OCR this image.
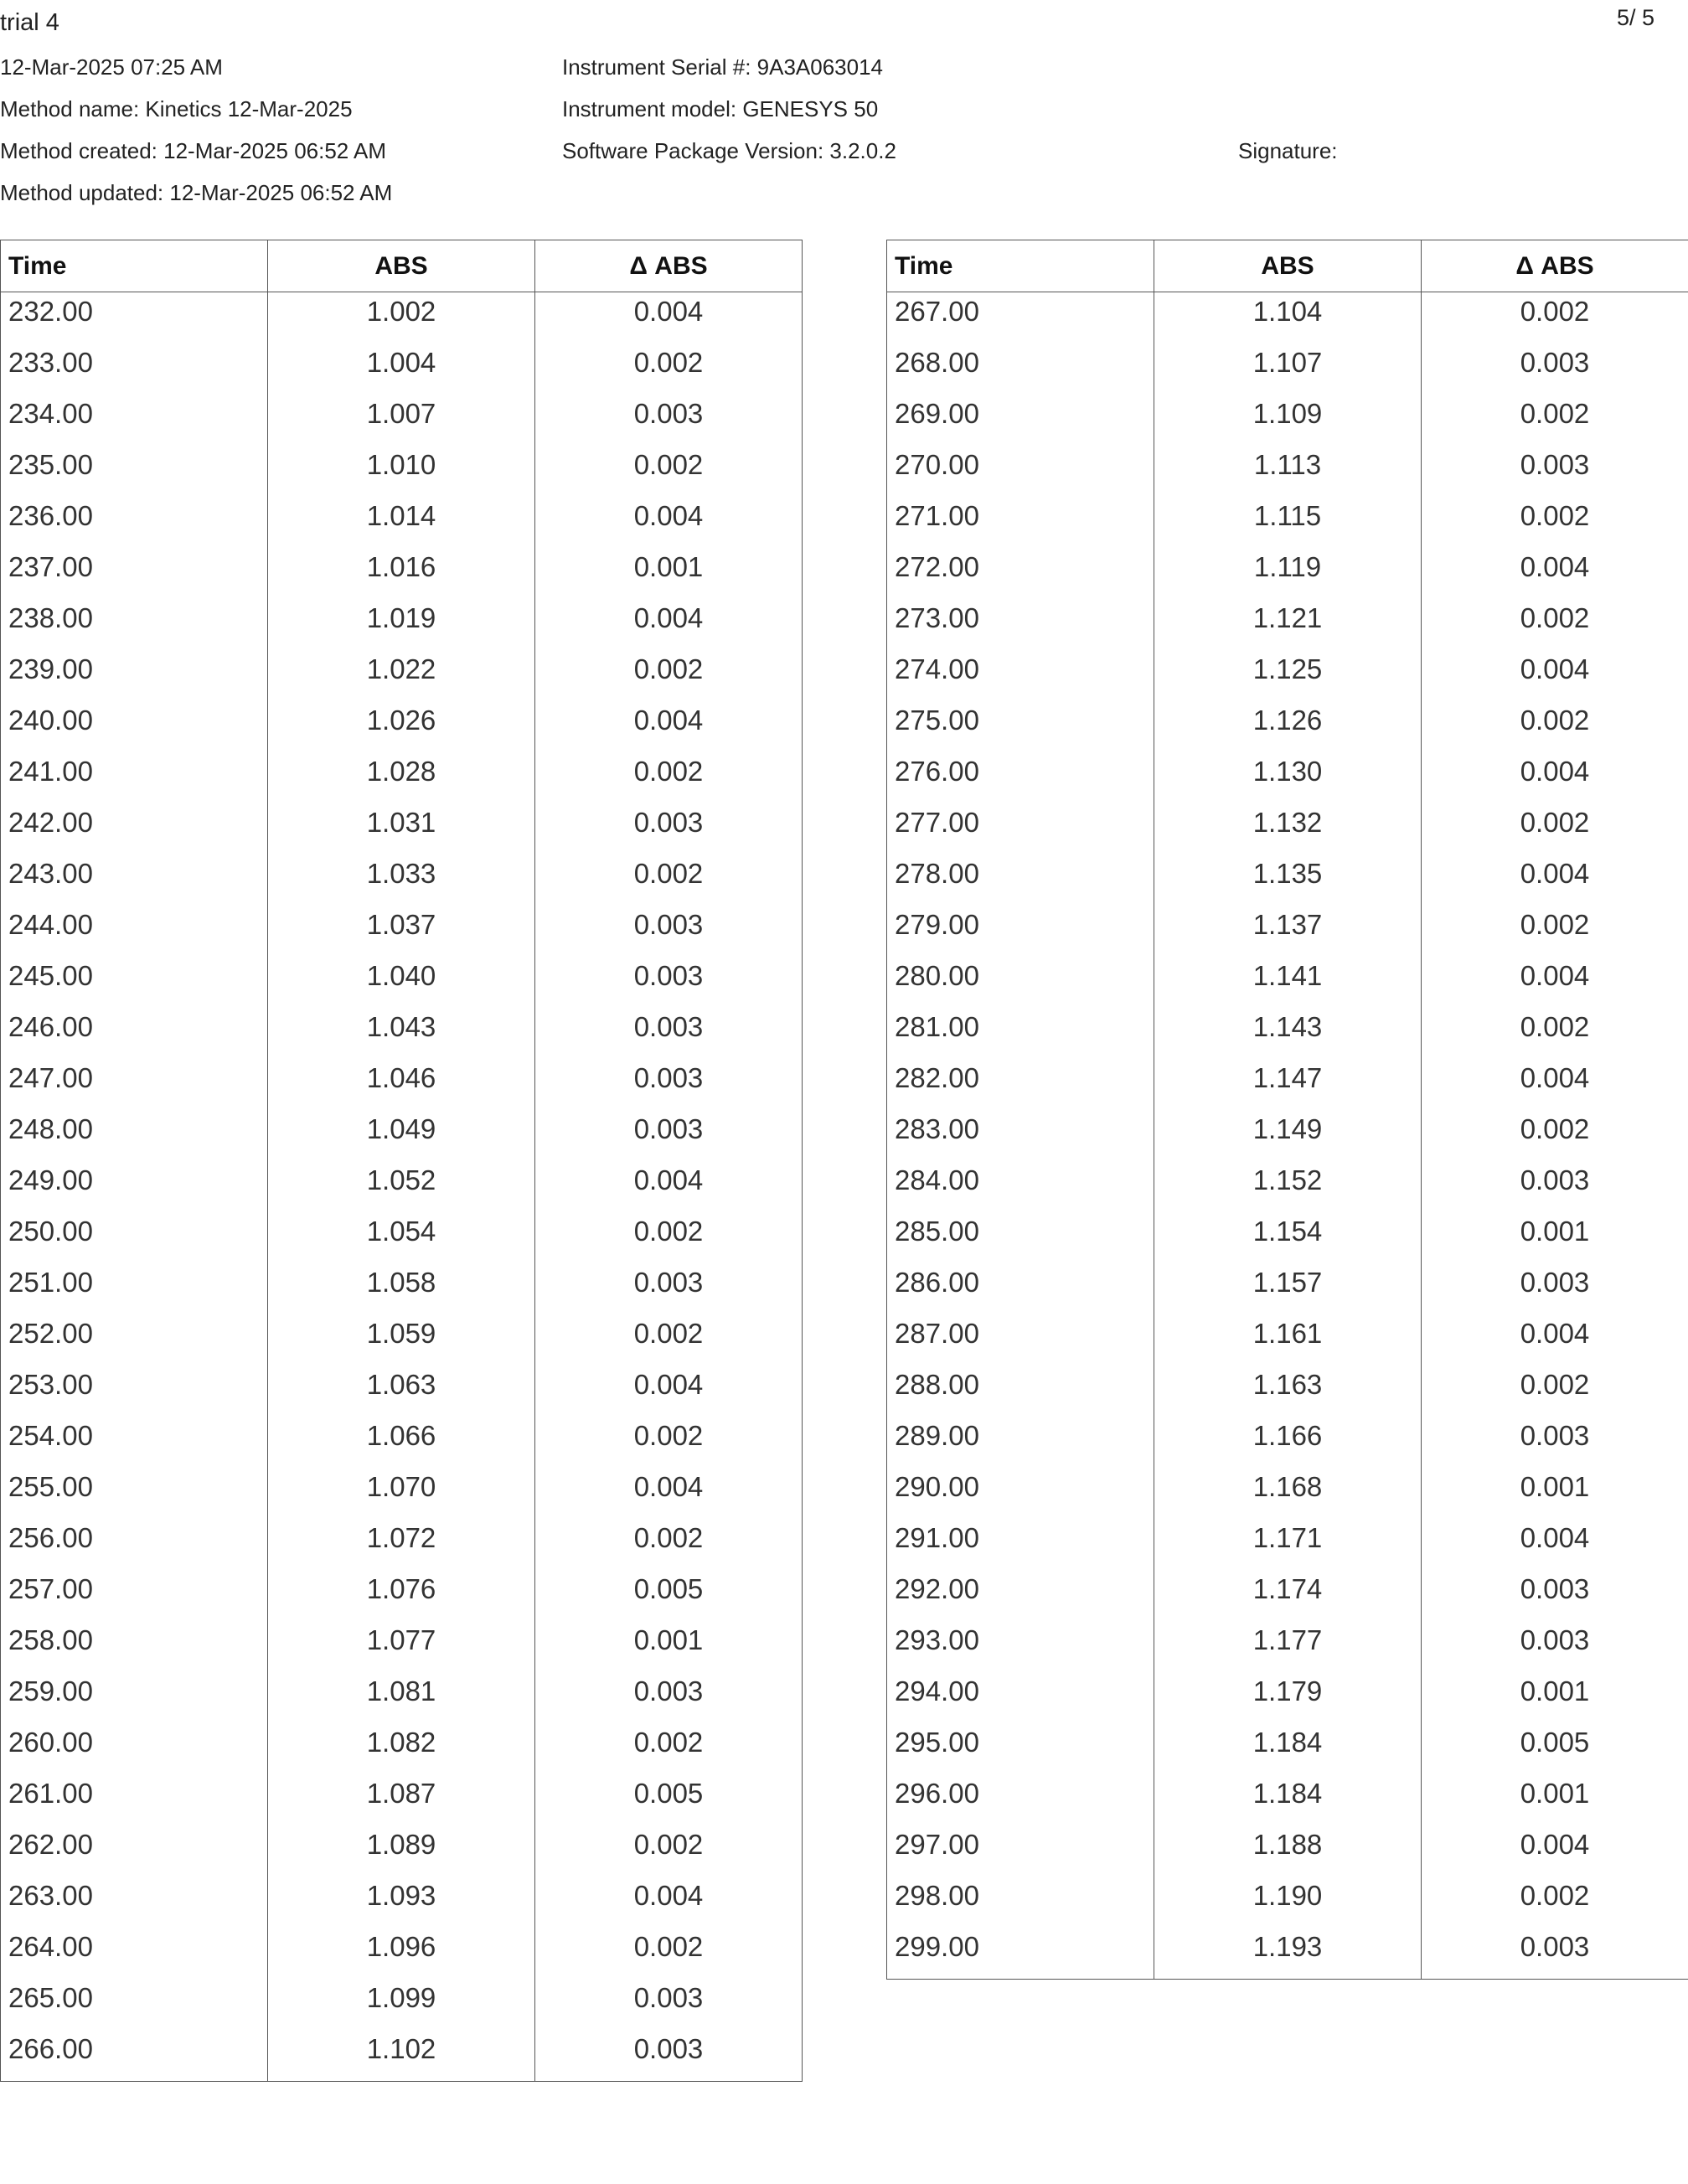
trial 4	5/ 5
12-Mar-2025 07:25 AM
Method name: Kinetics 12-Mar-2025
Method created: 12-Mar-2025 06:52 AM
Method updated: 12-Mar-2025 06:52 AM
Instrument Serial #: 9A3A063014
Instrument model: GENESYS 50
Software Package Version: 3.2.0.2	Signature:
Time	ABS	Δ ABS
232.00	1.002	0.004
233.00	1.004	0.002
234.00	1.007	0.003
235.00	1.010	0.002
236.00	1.014	0.004
237.00	1.016	0.001
238.00	1.019	0.004
239.00	1.022	0.002
240.00	1.026	0.004
241.00	1.028	0.002
242.00	1.031	0.003
243.00	1.033	0.002
244.00	1.037	0.003
245.00	1.040	0.003
246.00	1.043	0.003
247.00	1.046	0.003
248.00	1.049	0.003
249.00	1.052	0.004
250.00	1.054	0.002
251.00	1.058	0.003
252.00	1.059	0.002
253.00	1.063	0.004
254.00	1.066	0.002
255.00	1.070	0.004
256.00	1.072	0.002
257.00	1.076	0.005
258.00	1.077	0.001
259.00	1.081	0.003
260.00	1.082	0.002
261.00	1.087	0.005
262.00	1.089	0.002
263.00	1.093	0.004
264.00	1.096	0.002
265.00	1.099	0.003
266.00	1.102	0.003
Time	ABS	Δ ABS
267.00	1.104	0.002
268.00	1.107	0.003
269.00	1.109	0.002
270.00	1.113	0.003
271.00	1.115	0.002
272.00	1.119	0.004
273.00	1.121	0.002
274.00	1.125	0.004
275.00	1.126	0.002
276.00	1.130	0.004
277.00	1.132	0.002
278.00	1.135	0.004
279.00	1.137	0.002
280.00	1.141	0.004
281.00	1.143	0.002
282.00	1.147	0.004
283.00	1.149	0.002
284.00	1.152	0.003
285.00	1.154	0.001
286.00	1.157	0.003
287.00	1.161	0.004
288.00	1.163	0.002
289.00	1.166	0.003
290.00	1.168	0.001
291.00	1.171	0.004
292.00	1.174	0.003
293.00	1.177	0.003
294.00	1.179	0.001
295.00	1.184	0.005
296.00	1.184	0.001
297.00	1.188	0.004
298.00	1.190	0.002
299.00	1.193	0.003
